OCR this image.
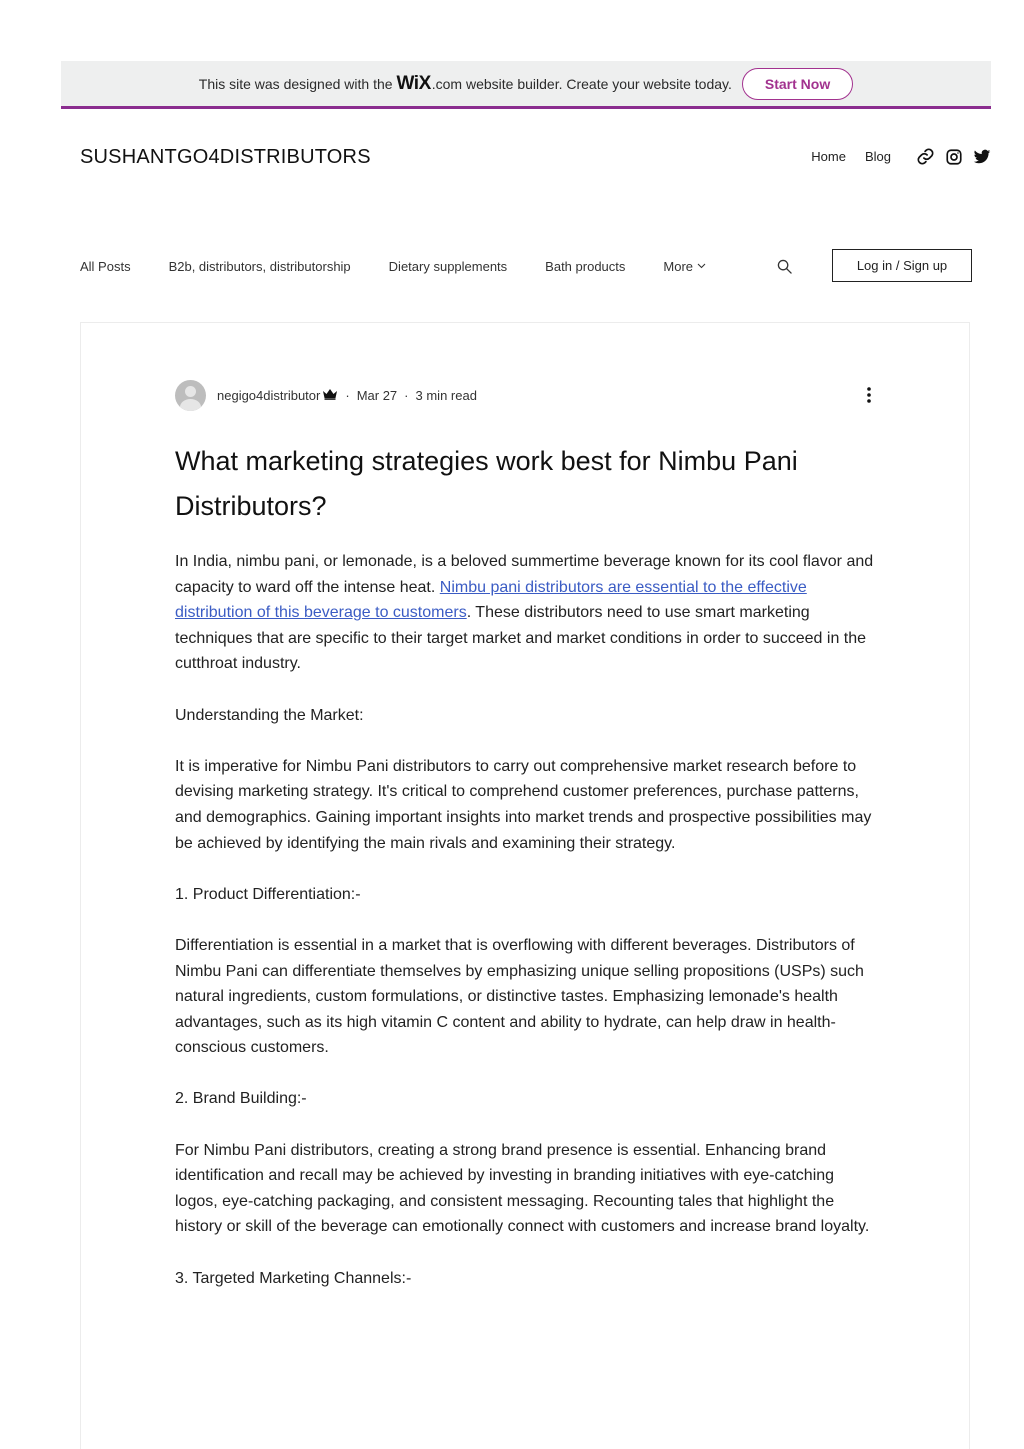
This site was designed with the WiX .com website builder. Create your website today.	Start Now
SUSHANTGO4DISTRIBUTORS	Home Blog
All Posts	B2b, distributors, distributorship	Dietary supplements	Bath products	More	Log in / Sign up
negigo4distributor · Mar 27 · 3 min read
What marketing strategies work best for Nimbu Pani Distributors?

In India, nimbu pani, or lemonade, is a beloved summertime beverage known for its cool flavor and capacity to ward off the intense heat. Nimbu pani distributors are essential to the effective distribution of this beverage to customers. These distributors need to use smart marketing techniques that are specific to their target market and market conditions in order to succeed in the cutthroat industry.

Understanding the Market:

It is imperative for Nimbu Pani distributors to carry out comprehensive market research before to devising marketing strategy. It's critical to comprehend customer preferences, purchase patterns, and demographics. Gaining important insights into market trends and prospective possibilities may be achieved by identifying the main rivals and examining their strategy.

1. Product Differentiation:-

Differentiation is essential in a market that is overflowing with different beverages. Distributors of Nimbu Pani can differentiate themselves by emphasizing unique selling propositions (USPs) such natural ingredients, custom formulations, or distinctive tastes. Emphasizing lemonade's health advantages, such as its high vitamin C content and ability to hydrate, can help draw in health-conscious customers.

2. Brand Building:-

For Nimbu Pani distributors, creating a strong brand presence is essential. Enhancing brand identification and recall may be achieved by investing in branding initiatives with eye-catching logos, eye-catching packaging, and consistent messaging. Recounting tales that highlight the history or skill of the beverage can emotionally connect with customers and increase brand loyalty.

3. Targeted Marketing Channels:-
